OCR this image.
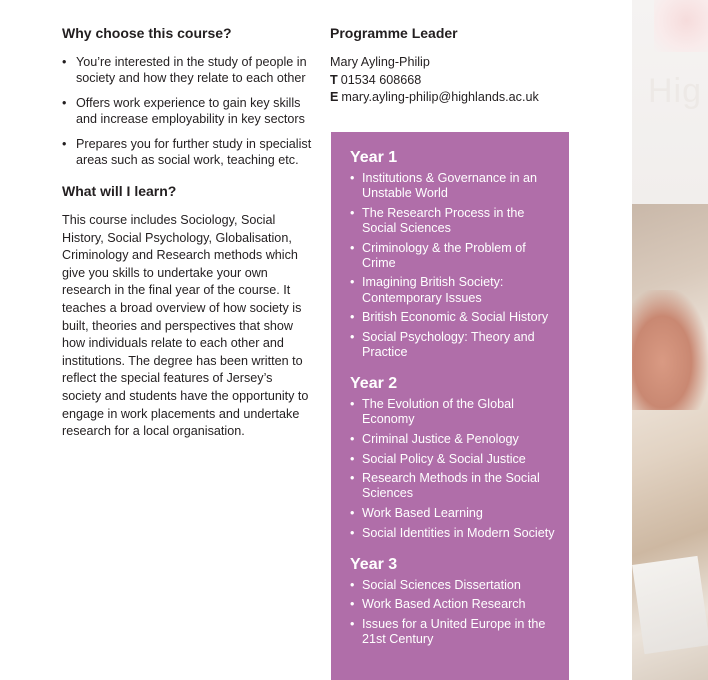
Why choose this course?
• You’re interested in the study of people in society and how they relate to each other
• Offers work experience to gain key skills and increase employability in key sectors
• Prepares you for further study in specialist areas such as social work, teaching etc.
What will I learn?

This course includes Sociology, Social History, Social Psychology, Globalisation, Criminology and Research methods which give you skills to undertake your own research in the final year of the course. It teaches a broad overview of how society is built, theories and perspectives that show how individuals relate to each other and institutions. The degree has been written to reflect the special features of Jersey’s society and students have the opportunity to engage in work placements and undertake research for a local organisation.

Programme Leader
Mary Ayling-Philip
T 01534 608668
E mary.ayling-philip@highlands.ac.uk
Year 1
• Institutions & Governance in an Unstable World
• The Research Process in the Social Sciences
• Criminology & the Problem of Crime
• Imagining British Society: Contemporary Issues
• British Economic & Social History
• Social Psychology: Theory and Practice
Year 2
• The Evolution of the Global Economy
• Criminal Justice & Penology
• Social Policy & Social Justice
• Research Methods in the Social Sciences
• Work Based Learning
• Social Identities in Modern Society
Year 3
• Social Sciences Dissertation
• Work Based Action Research
• Issues for a United Europe in the 21st Century
Hig
